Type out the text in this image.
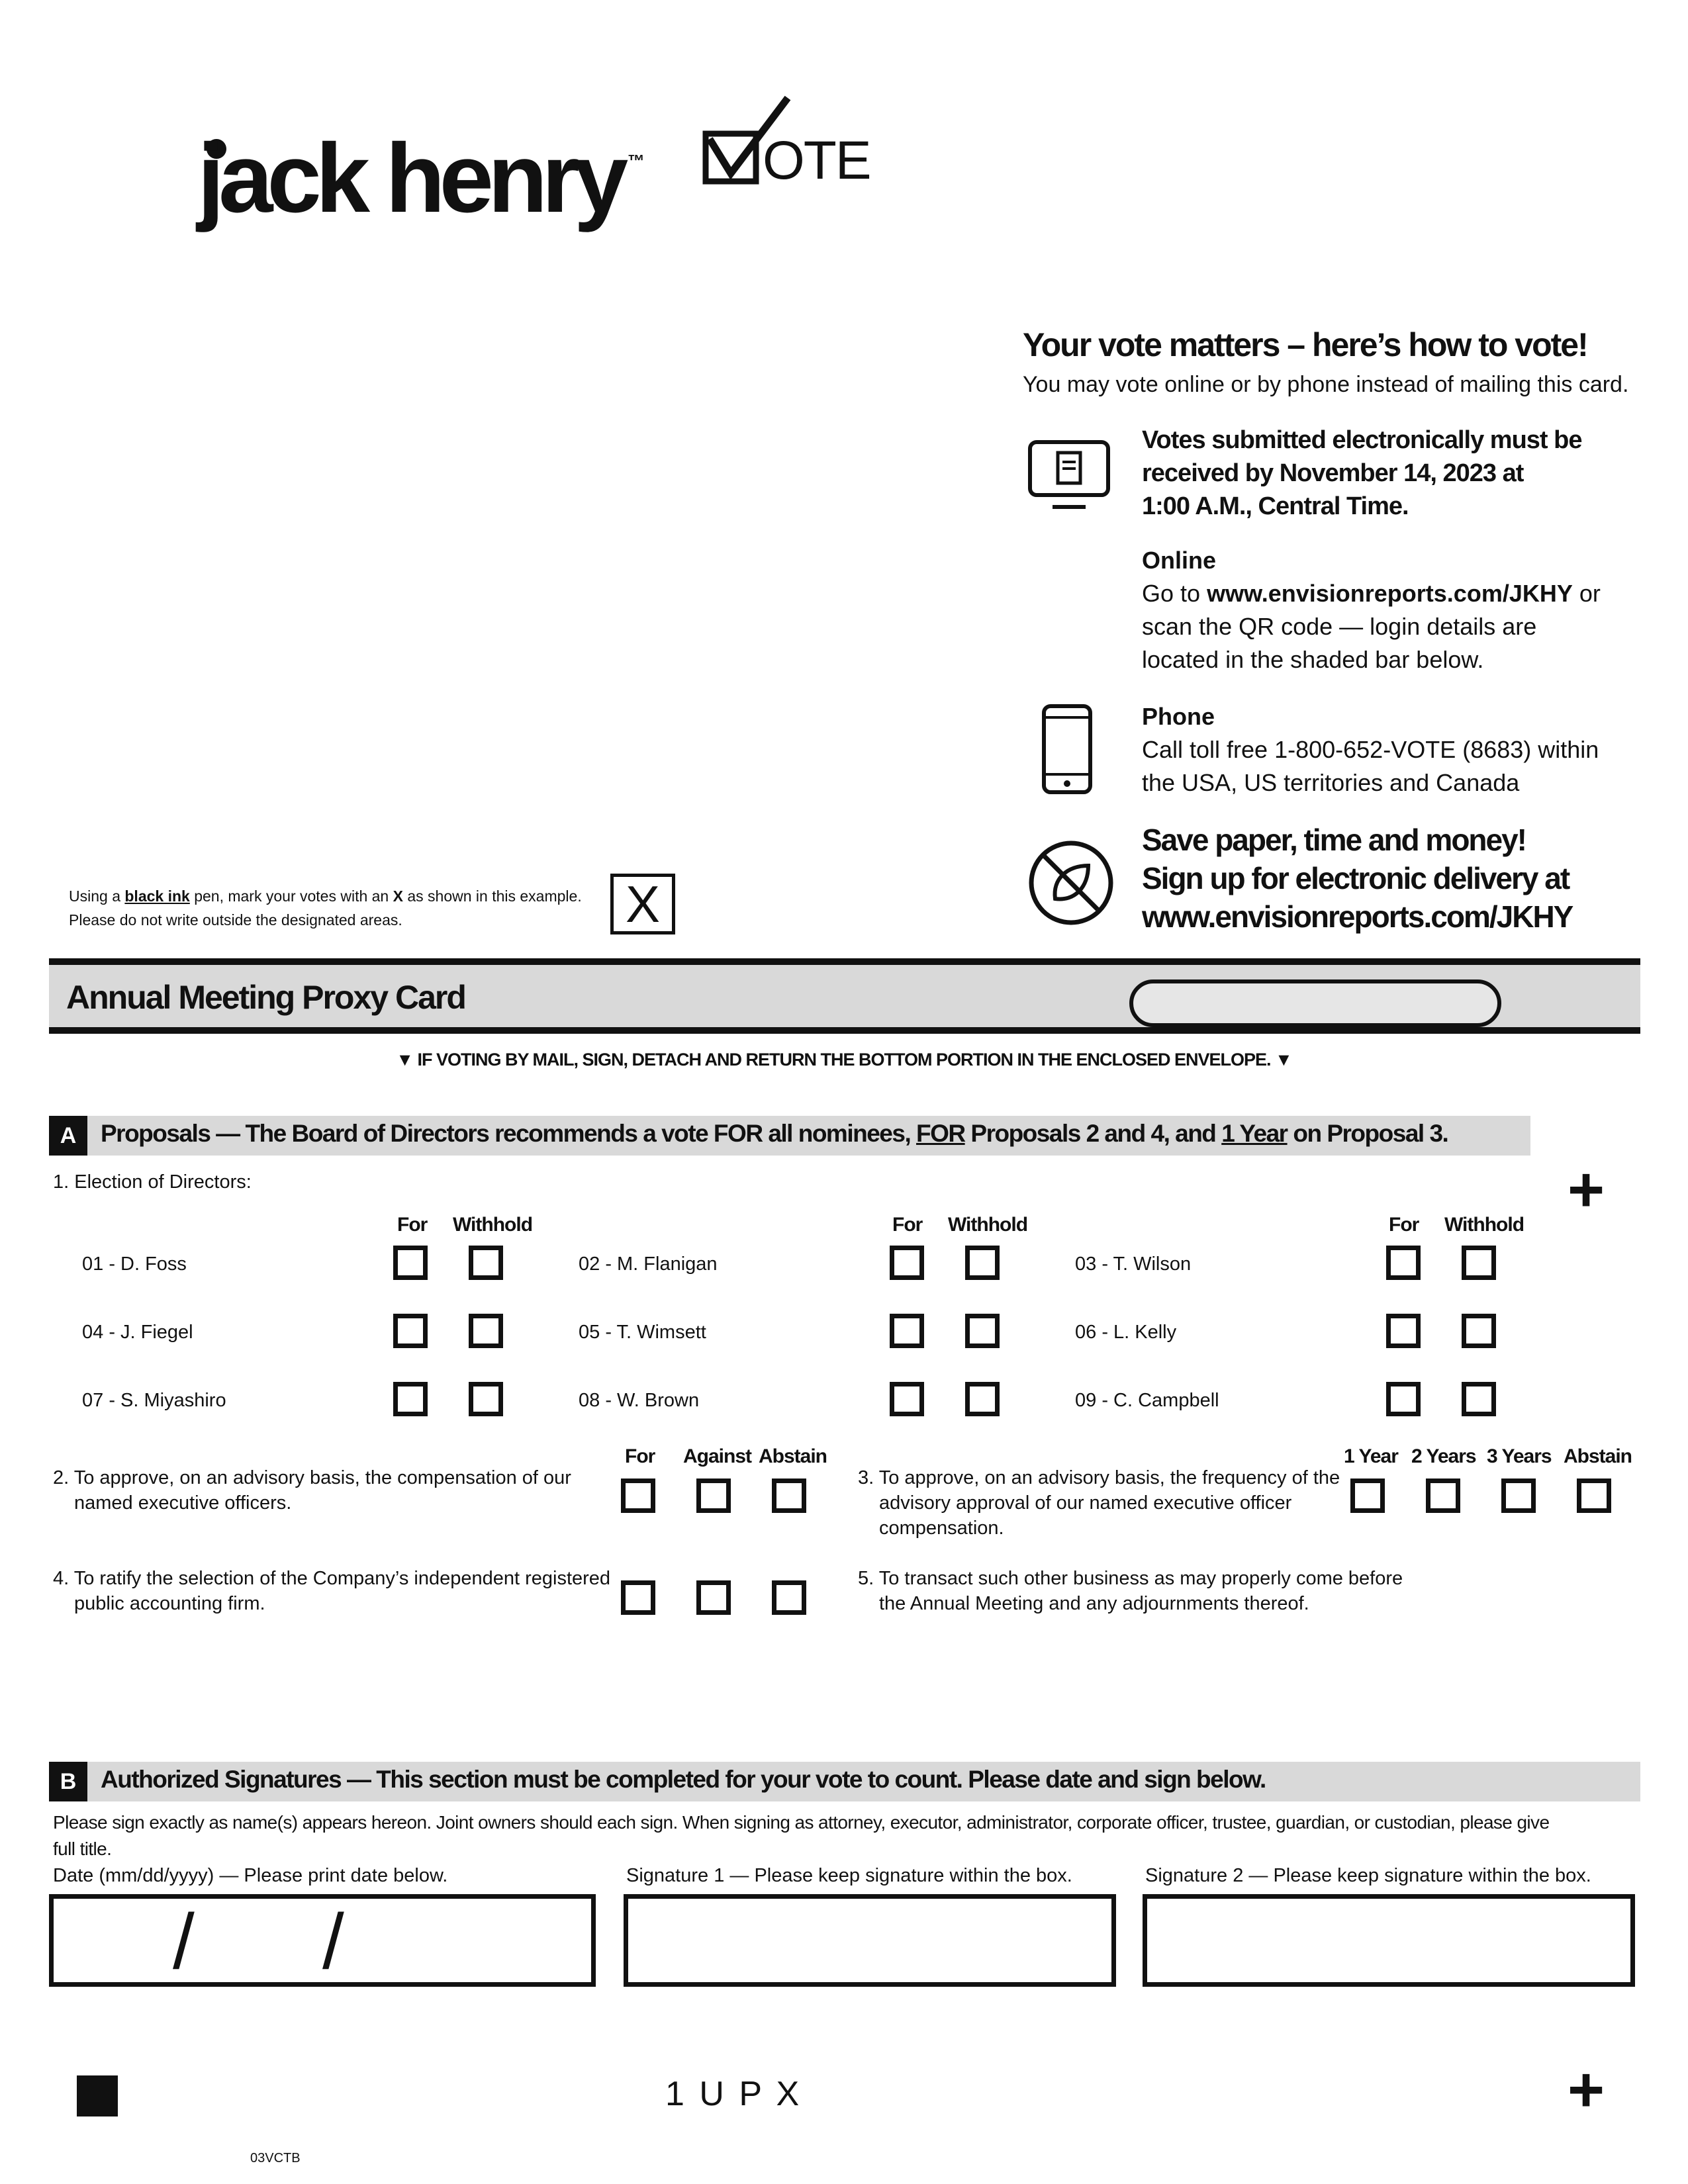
jack henry ™ OTE
Your vote matters – here’s how to vote!
You may vote online or by phone instead of mailing this card.
Votes submitted electronically must be
received by November 14, 2023 at
1:00 A.M., Central Time.
Online
Go to www.envisionreports.com/JKHY or
scan the QR code — login details are
located in the shaded bar below.
Phone
Call toll free 1-800-652-VOTE (8683) within
the USA, US territories and Canada
Save paper, time and money!
Sign up for electronic delivery at
www.envisionreports.com/JKHY
Using a black ink pen, mark your votes with an X as shown in this example.
Please do not write outside the designated areas.	X
Annual Meeting Proxy Card
▼ IF VOTING BY MAIL, SIGN, DETACH AND RETURN THE BOTTOM PORTION IN THE ENCLOSED ENVELOPE. ▼
A Proposals — The Board of Directors recommends a vote FOR all nominees, FOR Proposals 2 and 4, and 1 Year on Proposal 3.
+
1. Election of Directors:
For Withhold	For Withhold	For Withhold
01 - D. Foss	02 - M. Flanigan	03 - T. Wilson
04 - J. Fiegel	05 - T. Wimsett	06 - L. Kelly
07 - S. Miyashiro	08 - W. Brown	09 - C. Campbell
2. To approve, on an advisory basis, the compensation of our
named executive officers.
For Against Abstain
3. To approve, on an advisory basis, the frequency of the
advisory approval of our named executive officer
compensation.
1 Year 2 Years 3 Years Abstain
4. To ratify the selection of the Company’s independent registered
public accounting firm.
5. To transact such other business as may properly come before
the Annual Meeting and any adjournments thereof.
B Authorized Signatures — This section must be completed for your vote to count. Please date and sign below.
Please sign exactly as name(s) appears hereon. Joint owners should each sign. When signing as attorney, executor, administrator, corporate officer, trustee, guardian, or custodian, please give
full title.
Date (mm/dd/yyyy) — Please print date below.	Signature 1 — Please keep signature within the box.	Signature 2 — Please keep signature within the box.
/ /
1 U P X	+
03VCTB
